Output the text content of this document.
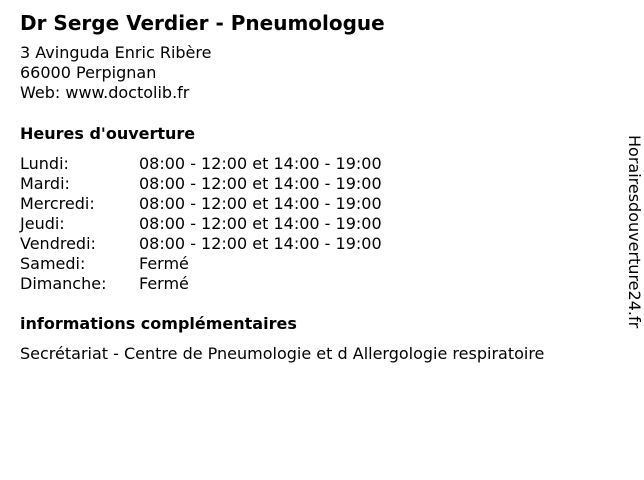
Dr Serge Verdier - Pneumologue
3 Avinguda Enric Ribère
66000 Perpignan
Web: www.doctolib.fr
Heures d'ouverture
Lundi:	08:00 - 12:00 et 14:00 - 19:00
Mardi:	08:00 - 12:00 et 14:00 - 19:00
Mercredi:	08:00 - 12:00 et 14:00 - 19:00
Jeudi:	08:00 - 12:00 et 14:00 - 19:00
Vendredi:	08:00 - 12:00 et 14:00 - 19:00
Samedi:	Fermé
Dimanche:	Fermé
informations complémentaires
Secrétariat - Centre de Pneumologie et d Allergologie respiratoire
Horairesdouverture24.fr
